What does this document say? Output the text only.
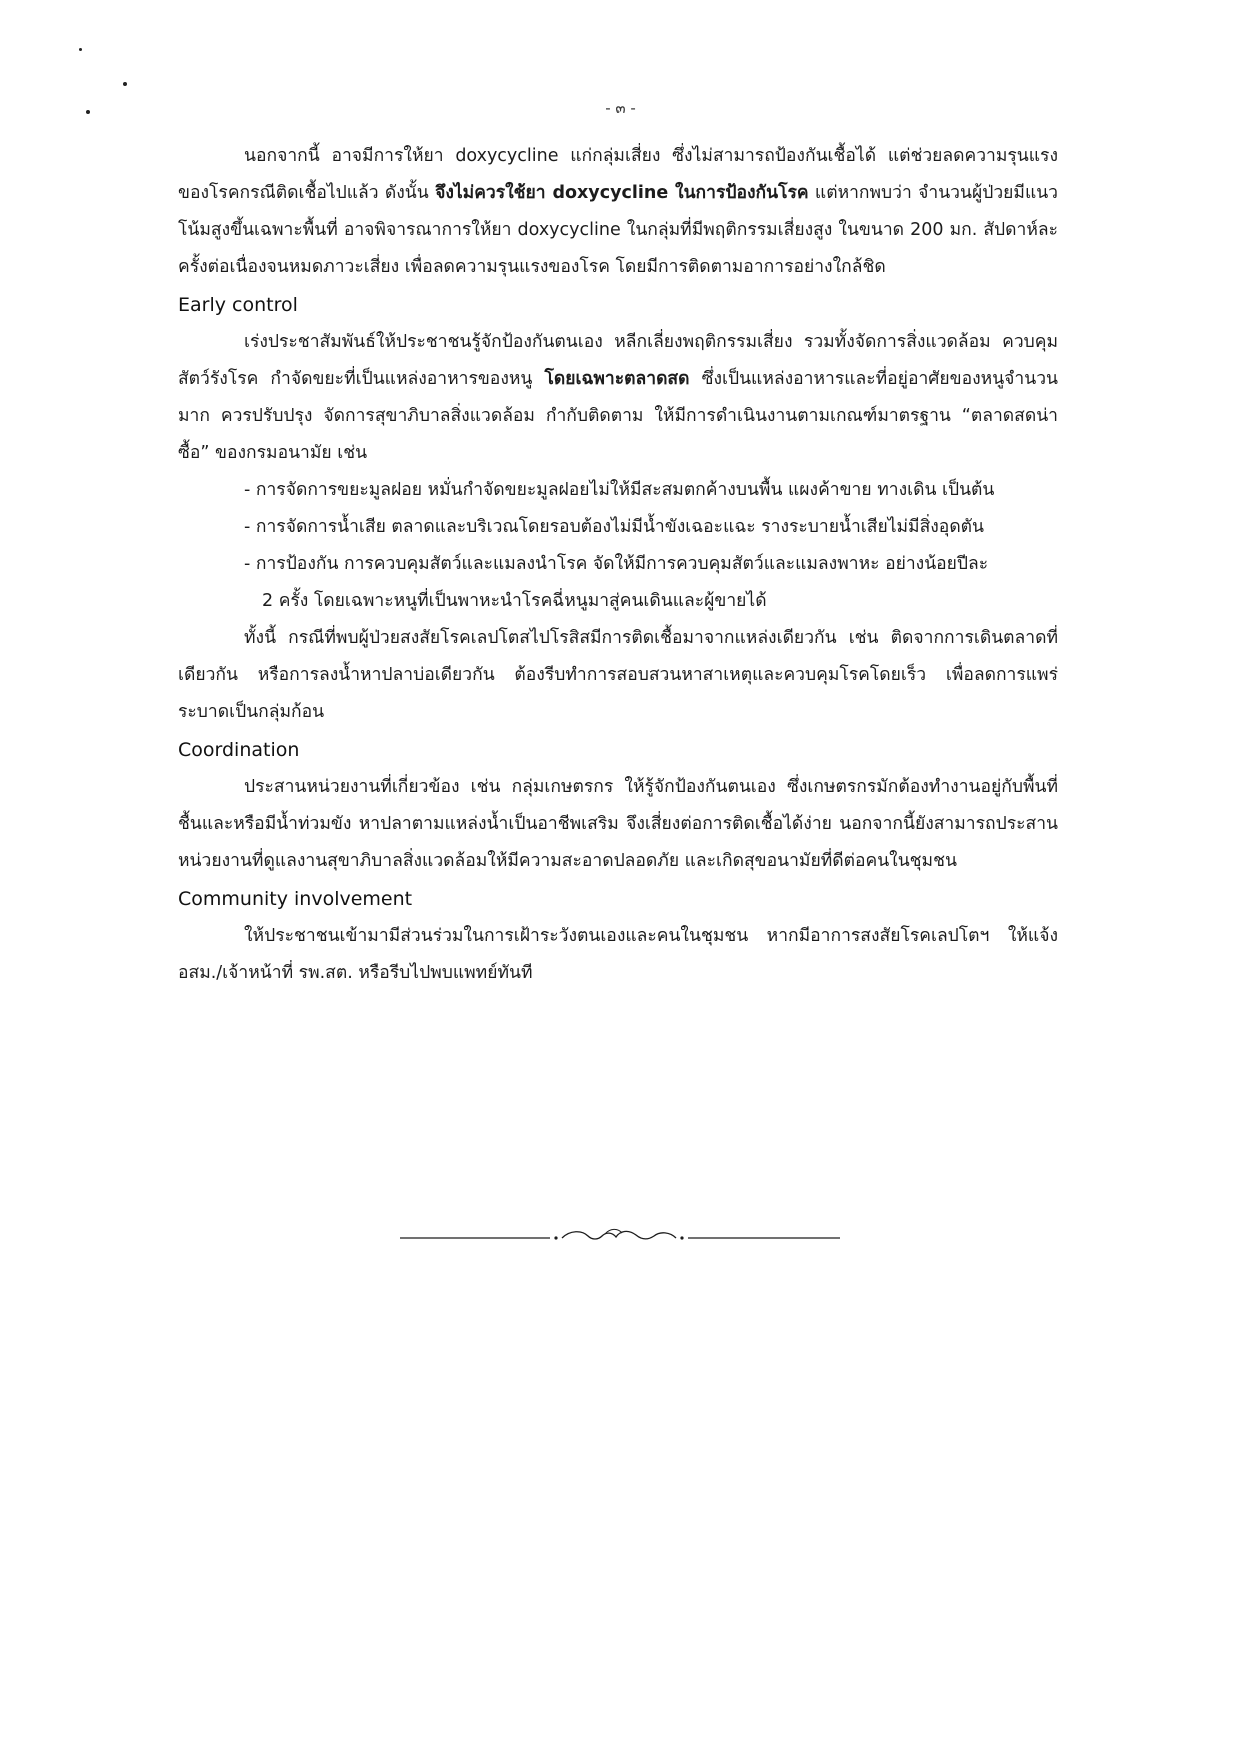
- ๓ -

นอกจากนี้ อาจมีการให้ยา doxycycline แก่กลุ่มเสี่ยง ซึ่งไม่สามารถป้องกันเชื้อได้ แต่ช่วยลดความรุนแรงของโรคกรณีติดเชื้อไปแล้ว ดังนั้น จึงไม่ควรใช้ยา doxycycline ในการป้องกันโรค แต่หากพบว่า จำนวนผู้ป่วยมีแนวโน้มสูงขึ้นเฉพาะพื้นที่ อาจพิจารณาการให้ยา doxycycline ในกลุ่มที่มีพฤติกรรมเสี่ยงสูง ในขนาด 200 มก. สัปดาห์ละครั้งต่อเนื่องจนหมดภาวะเสี่ยง เพื่อลดความรุนแรงของโรค โดยมีการติดตามอาการอย่างใกล้ชิด

Early control

เร่งประชาสัมพันธ์ให้ประชาชนรู้จักป้องกันตนเอง หลีกเลี่ยงพฤติกรรมเสี่ยง รวมทั้งจัดการสิ่งแวดล้อม ควบคุมสัตว์รังโรค กำจัดขยะที่เป็นแหล่งอาหารของหนู โดยเฉพาะตลาดสด ซึ่งเป็นแหล่งอาหารและที่อยู่อาศัยของหนูจำนวนมาก ควรปรับปรุง จัดการสุขาภิบาลสิ่งแวดล้อม กำกับติดตาม ให้มีการดำเนินงานตามเกณฑ์มาตรฐาน “ตลาดสดน่าซื้อ” ของกรมอนามัย เช่น

- การจัดการขยะมูลฝอย หมั่นกำจัดขยะมูลฝอยไม่ให้มีสะสมตกค้างบนพื้น แผงค้าขาย ทางเดิน เป็นต้น

- การจัดการน้ำเสีย ตลาดและบริเวณโดยรอบต้องไม่มีน้ำขังเฉอะแฉะ รางระบายน้ำเสียไม่มีสิ่งอุดตัน

- การป้องกัน การควบคุมสัตว์และแมลงนำโรค จัดให้มีการควบคุมสัตว์และแมลงพาหะ อย่างน้อยปีละ

2 ครั้ง โดยเฉพาะหนูที่เป็นพาหะนำโรคฉี่หนูมาสู่คนเดินและผู้ขายได้

ทั้งนี้ กรณีที่พบผู้ป่วยสงสัยโรคเลปโตสไปโรสิสมีการติดเชื้อมาจากแหล่งเดียวกัน เช่น ติดจากการเดินตลาดที่เดียวกัน หรือการลงน้ำหาปลาบ่อเดียวกัน ต้องรีบทำการสอบสวนหาสาเหตุและควบคุมโรคโดยเร็ว เพื่อลดการแพร่ระบาดเป็นกลุ่มก้อน

Coordination

ประสานหน่วยงานที่เกี่ยวข้อง เช่น กลุ่มเกษตรกร ให้รู้จักป้องกันตนเอง ซึ่งเกษตรกรมักต้องทำงานอยู่กับพื้นที่ชื้นและหรือมีน้ำท่วมขัง หาปลาตามแหล่งน้ำเป็นอาชีพเสริม จึงเสี่ยงต่อการติดเชื้อได้ง่าย นอกจากนี้ยังสามารถประสานหน่วยงานที่ดูแลงานสุขาภิบาลสิ่งแวดล้อมให้มีความสะอาดปลอดภัย และเกิดสุขอนามัยที่ดีต่อคนในชุมชน

Community involvement

ให้ประชาชนเข้ามามีส่วนร่วมในการเฝ้าระวังตนเองและคนในชุมชน หากมีอาการสงสัยโรคเลปโตฯ ให้แจ้ง อสม./เจ้าหน้าที่ รพ.สต. หรือรีบไปพบแพทย์ทันที
